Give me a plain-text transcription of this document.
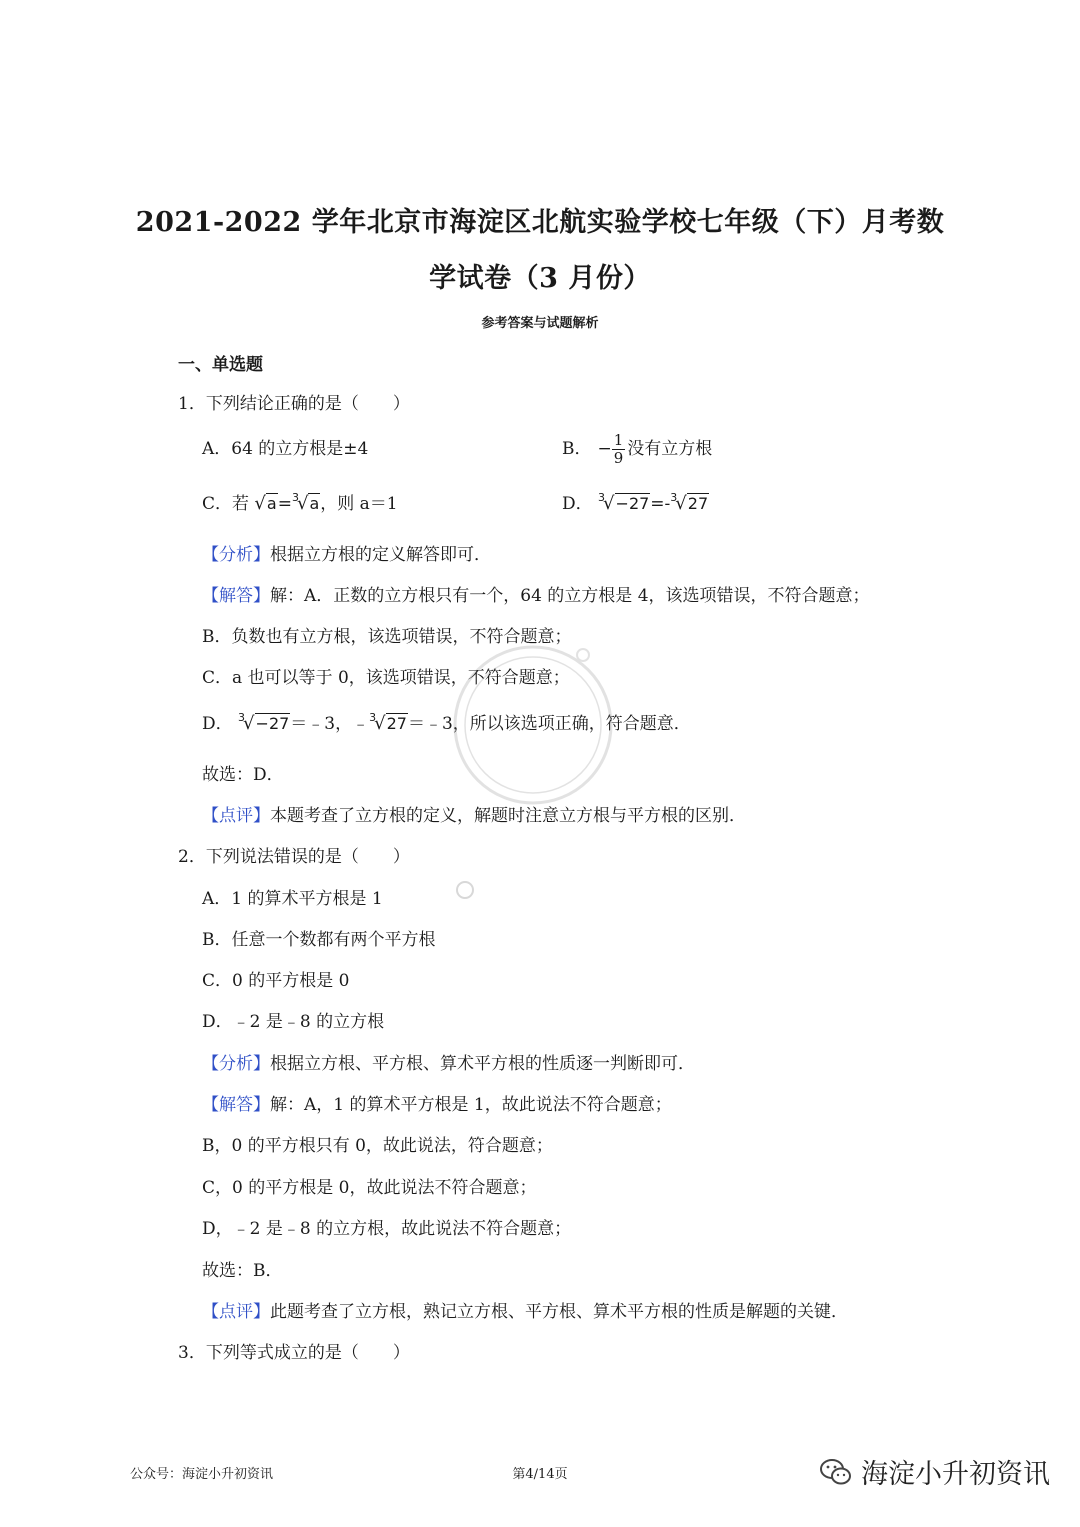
2021-2022 学年北京市海淀区北航实验学校七年级（下）月考数
学试卷（3 月份）
参考答案与试题解析
一、单选题
1．下列结论正确的是（　　）
A．64 的立方根是±4	B． − $\frac{1}{9}$ 没有立方根
C．若 √a=$^3$√a，则 a＝1	D． $^3$√−27=-$^3$√27
【分析】根据立方根的定义解答即可．
【解答】解：A．正数的立方根只有一个，64 的立方根是 4，该选项错误，不符合题意；
B．负数也有立方根，该选项错误，不符合题意；
C．a 也可以等于 0，该选项错误，不符合题意；
D． $^3$√−27＝﹣3，﹣$^3$√27＝﹣3，所以该选项正确，符合题意．
故选：D．
【点评】本题考查了立方根的定义，解题时注意立方根与平方根的区别．
2．下列说法错误的是（　　）
A．1 的算术平方根是 1
B．任意一个数都有两个平方根
C．0 的平方根是 0
D．﹣2 是﹣8 的立方根
【分析】根据立方根、平方根、算术平方根的性质逐一判断即可．
【解答】解：A，1 的算术平方根是 1，故此说法不符合题意；
B，0 的平方根只有 0，故此说法，符合题意；
C，0 的平方根是 0，故此说法不符合题意；
D，﹣2 是﹣8 的立方根，故此说法不符合题意；
故选：B．
【点评】此题考查了立方根，熟记立方根、平方根、算术平方根的性质是解题的关键．
3．下列等式成立的是（　　）
公众号：海淀小升初资讯	第4/14页	海淀小升初资讯
